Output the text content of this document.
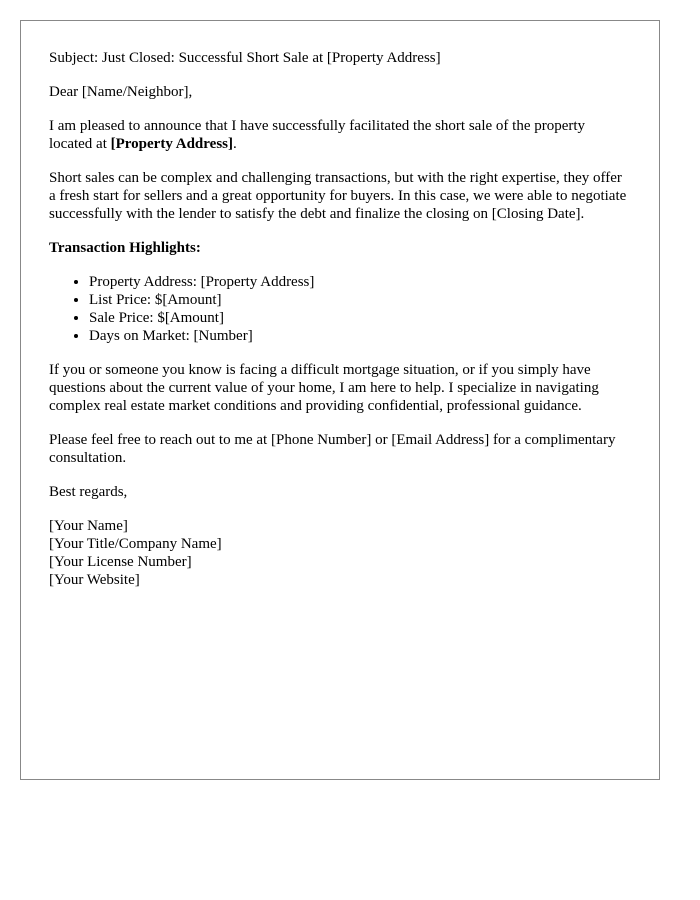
Subject: Just Closed: Successful Short Sale at [Property Address]

Dear [Name/Neighbor],

I am pleased to announce that I have successfully facilitated the short sale of the property located at [Property Address].

Short sales can be complex and challenging transactions, but with the right expertise, they offer a fresh start for sellers and a great opportunity for buyers. In this case, we were able to negotiate successfully with the lender to satisfy the debt and finalize the closing on [Closing Date].

Transaction Highlights:
• Property Address: [Property Address]
• List Price: $[Amount]
• Sale Price: $[Amount]
• Days on Market: [Number]

If you or someone you know is facing a difficult mortgage situation, or if you simply have questions about the current value of your home, I am here to help. I specialize in navigating complex real estate market conditions and providing confidential, professional guidance.

Please feel free to reach out to me at [Phone Number] or [Email Address] for a complimentary consultation.

Best regards,

[Your Name]
[Your Title/Company Name]
[Your License Number]
[Your Website]
